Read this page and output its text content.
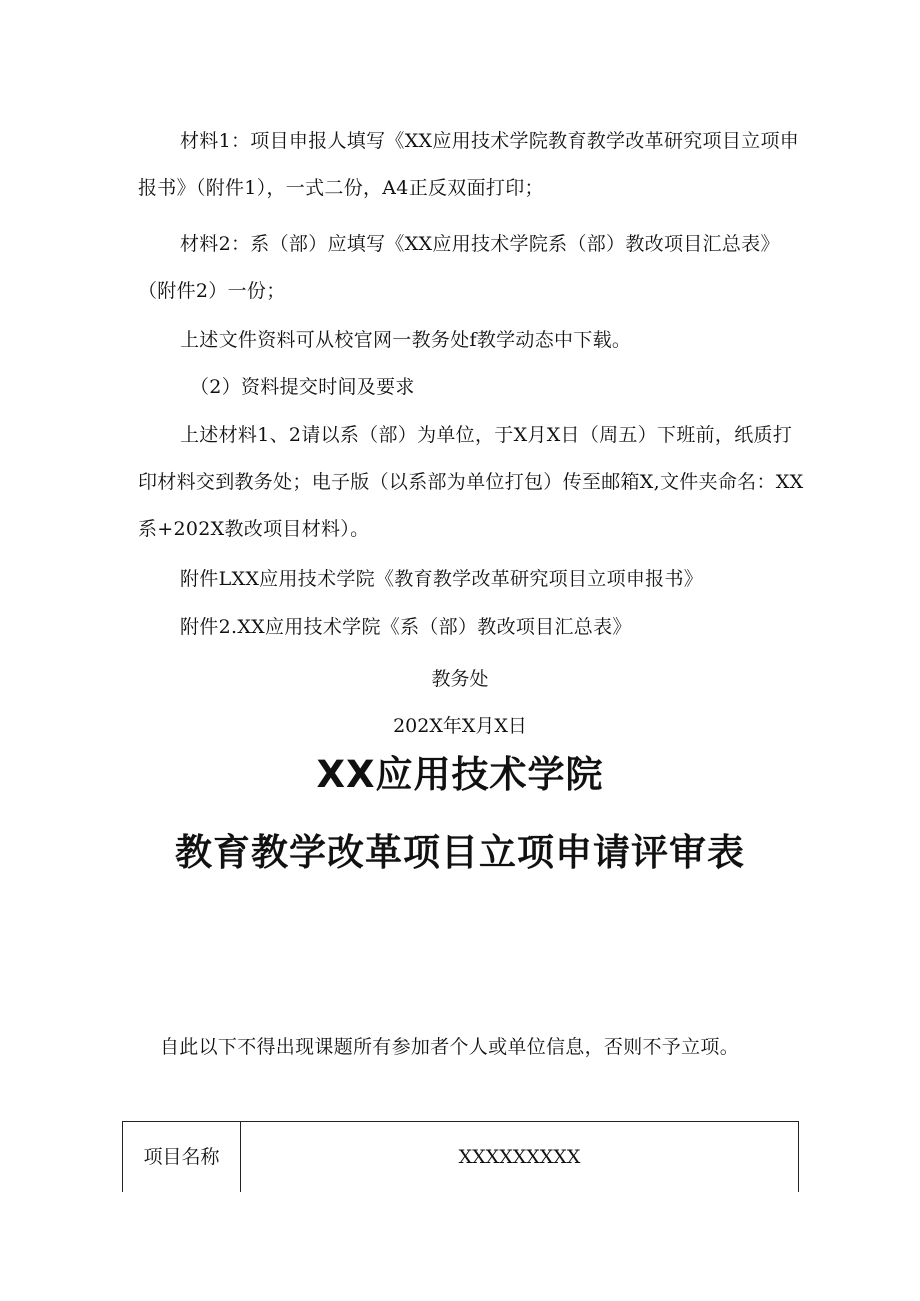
材料1：项目申报人填写《XX应用技术学院教育教学改革研究项目立项申报书》（附件1），一式二份，A4正反双面打印；

材料2：系（部）应填写《XX应用技术学院系（部）教改项目汇总表》（附件2）一份；

上述文件资料可从校官网一教务处f教学动态中下载。

（2）资料提交时间及要求

上述材料1、2请以系（部）为单位，于X月X日（周五）下班前，纸质打印材料交到教务处；电子版（以系部为单位打包）传至邮箱X,文件夹命名：XX系+202X教改项目材料）。

附件LXX应用技术学院《教育教学改革研究项目立项申报书》

附件2.XX应用技术学院《系（部）教改项目汇总表》

教务处

202X年X月X日

XX应用技术学院
教育教学改革项目立项申请评审表

自此以下不得出现课题所有参加者个人或单位信息，否则不予立项。

项目名称	XXXXXXXXX
